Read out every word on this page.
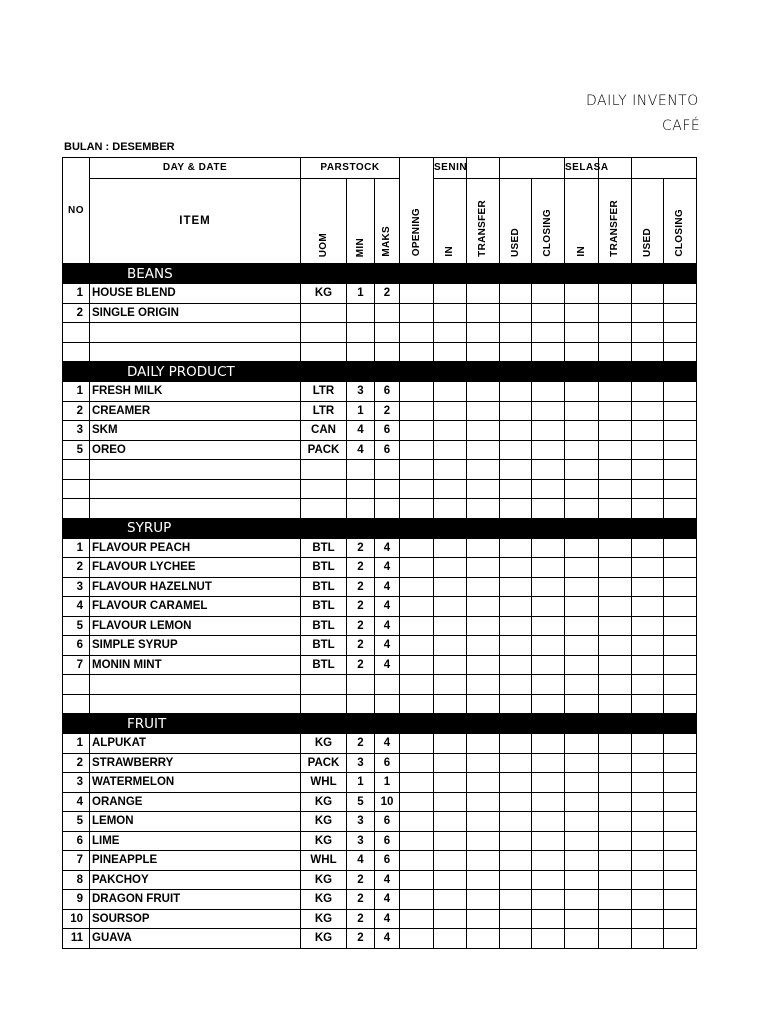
DAILY INVENTO
CAFÉ
BULAN : DESEMBER
NO	DAY & DATE	PARSTOCK			OPENING	SENIN				SELASA			
	ITEM	UOM	MIN	MAKS		IN	TRANSFER	USED	CLOSING	IN	TRANSFER	USED	CLOSING
BEANS													
1	HOUSE BLEND	KG	1	2									
2	SINGLE ORIGIN												

DAILY PRODUCT													
1	FRESH MILK	LTR	3	6									
2	CREAMER	LTR	1	2									
3	SKM	CAN	4	6									
5	OREO	PACK	4	6									

SYRUP													
1	FLAVOUR PEACH	BTL	2	4									
2	FLAVOUR LYCHEE	BTL	2	4									
3	FLAVOUR HAZELNUT	BTL	2	4									
4	FLAVOUR CARAMEL	BTL	2	4									
5	FLAVOUR LEMON	BTL	2	4									
6	SIMPLE SYRUP	BTL	2	4									
7	MONIN MINT	BTL	2	4									

FRUIT													
1	ALPUKAT	KG	2	4									
2	STRAWBERRY	PACK	3	6									
3	WATERMELON	WHL	1	1									
4	ORANGE	KG	5	10									
5	LEMON	KG	3	6									
6	LIME	KG	3	6									
7	PINEAPPLE	WHL	4	6									
8	PAKCHOY	KG	2	4									
9	DRAGON FRUIT	KG	2	4									
10	SOURSOP	KG	2	4									
11	GUAVA	KG	2	4									
